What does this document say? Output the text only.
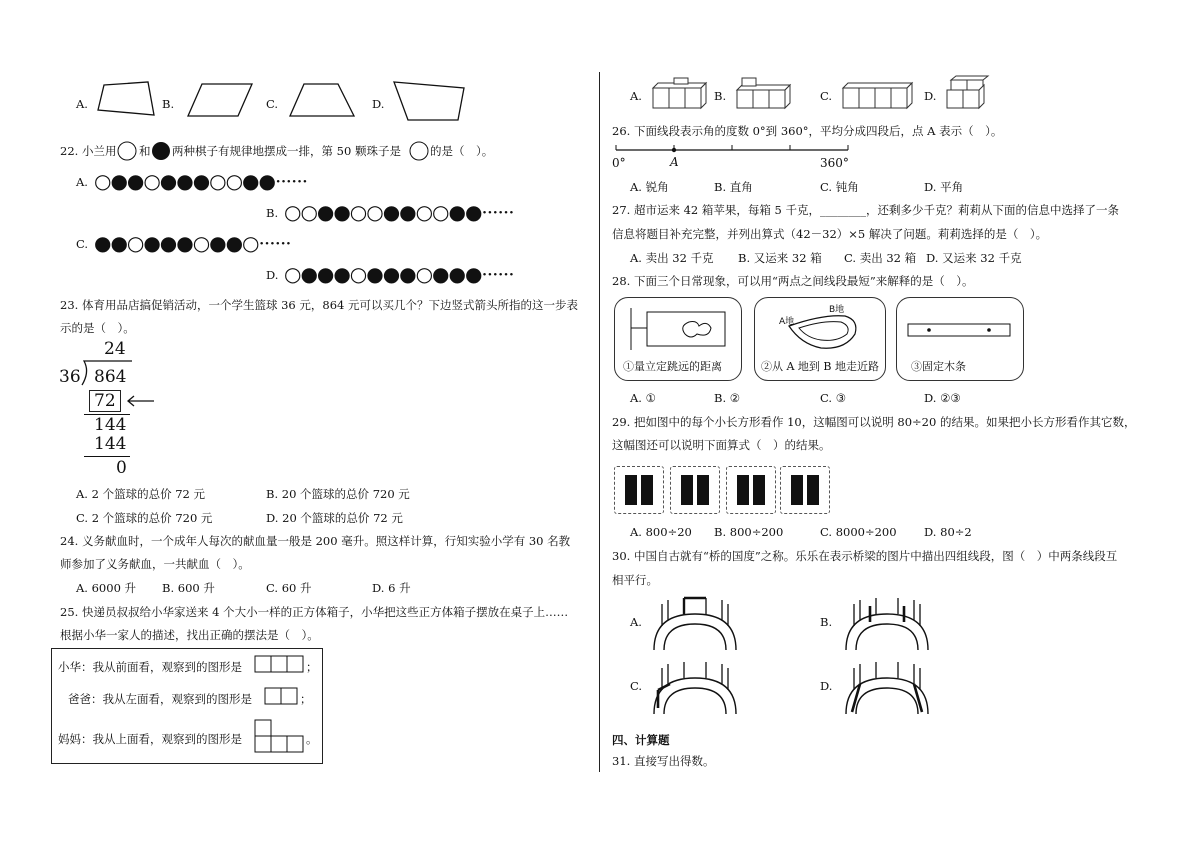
A.	B.	C.	D.
22. 小兰用 和 两种棋子有规律地摆成一排，第 50 颗珠子是	的是（　）。
A. ○●●○●●●○○●●······
B. ○○●●○○●●○○●●······
C. ●●○●●●○●●○······
D. ○●●●○●●●○●●●······
23. 体育用品店搞促销活动，一个学生篮球 36 元，864 元可以买几个？下边竖式箭头所指的这一步表
示的是（　）。
24
36 864
72
144
144
0
A. 2 个篮球的总价 72 元	B. 20 个篮球的总价 720 元
C. 2 个篮球的总价 720 元	D. 20 个篮球的总价 72 元
24. 义务献血时，一个成年人每次的献血量一般是 200 毫升。照这样计算，行知实验小学有 30 名教
师参加了义务献血，一共献血（　）。
A. 6000 升 B. 600 升	C. 60 升	D. 6 升
25. 快递员叔叔给小华家送来 4 个大小一样的正方体箱子，小华把这些正方体箱子摆放在桌子上……
根据小华一家人的描述，找出正确的摆法是（　）。
小华：我从前面看，观察到的图形是	；
爸爸：我从左面看，观察到的图形是	；
妈妈：我从上面看，观察到的图形是	。
A.	B.	C.	D.
26. 下面线段表示角的度数 0°到 360°，平均分成四段后，点 A 表示（　）。
0°	A	360°
A. 锐角	B. 直角	C. 钝角	D. 平角
27. 超市运来 42 箱苹果，每箱 5 千克，________，还剩多少千克？莉莉从下面的信息中选择了一条
信息将题目补充完整，并列出算式（42－32）×5 解决了问题。莉莉选择的是（　）。
A. 卖出 32 千克 B. 又运来 32 箱 C. 卖出 32 箱 D. 又运来 32 千克
28. 下面三个日常现象，可以用“两点之间线段最短”来解释的是（　）。
①量立定跳远的距离
A地
B地
②从 A 地到 B 地走近路	③固定木条
A. ①	B. ②	C. ③	D. ②③
29. 把如图中的每个小长方形看作 10，这幅图可以说明 80÷20 的结果。如果把小长方形看作其它数，
这幅图还可以说明下面算式（　）的结果。
A. 800÷20 B. 800÷200	C. 8000÷200 D. 80÷2
30. 中国自古就有“桥的国度”之称。乐乐在表示桥梁的图片中描出四组线段，图（　）中两条线段互
相平行。
A.	B.
C.	D.
四、计算题
31. 直接写出得数。
